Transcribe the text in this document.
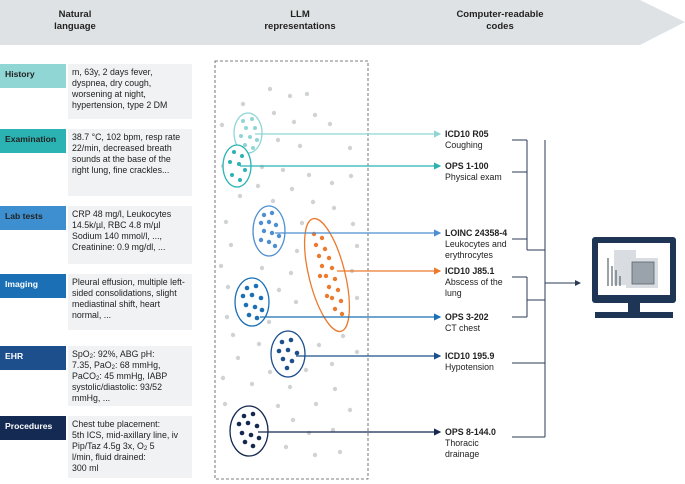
Natural
language
LLM
representations
Computer-readable
codes
History	m, 63y, 2 days fever, dyspnea, dry cough, worsening at night, hypertension, type 2 DM
Examination	38.7 °C, 102 bpm, resp rate 22/min, decreased breath sounds at the base of the right lung, fine crackles...
Lab tests	CRP 48 mg/l, Leukocytes 14.5k/µl, RBC 4.8 m/µl Sodium 140 mmol/l, ..., Creatinine: 0.9 mg/dl, ...
Imaging	Pleural effusion, multiple left-sided consolidations, slight mediastinal shift, heart normal, ...
EHR	SpO$_2$: 92%, ABG pH:
7.35, PaO$_2$: 68 mmHg,
PaCO$_2$: 45 mmHg, IABP
systolic/diastolic: 93/52
mmHg, ...
Procedures	Chest tube placement:
5th ICS, mid-axillary line, iv
Pip/Taz 4.5g 3x, $O_2$ 5
l/min, fluid drained:
300 ml
ICD10 R05
Coughing
OPS 1-100
Physical exam
LOINC 24358-4
Leukocytes and
erythrocytes
ICD10 J85.1
Abscess of the
lung
OPS 3-202
CT chest
ICD10 195.9
Hypotension
OPS 8-144.0
Thoracic
drainage
